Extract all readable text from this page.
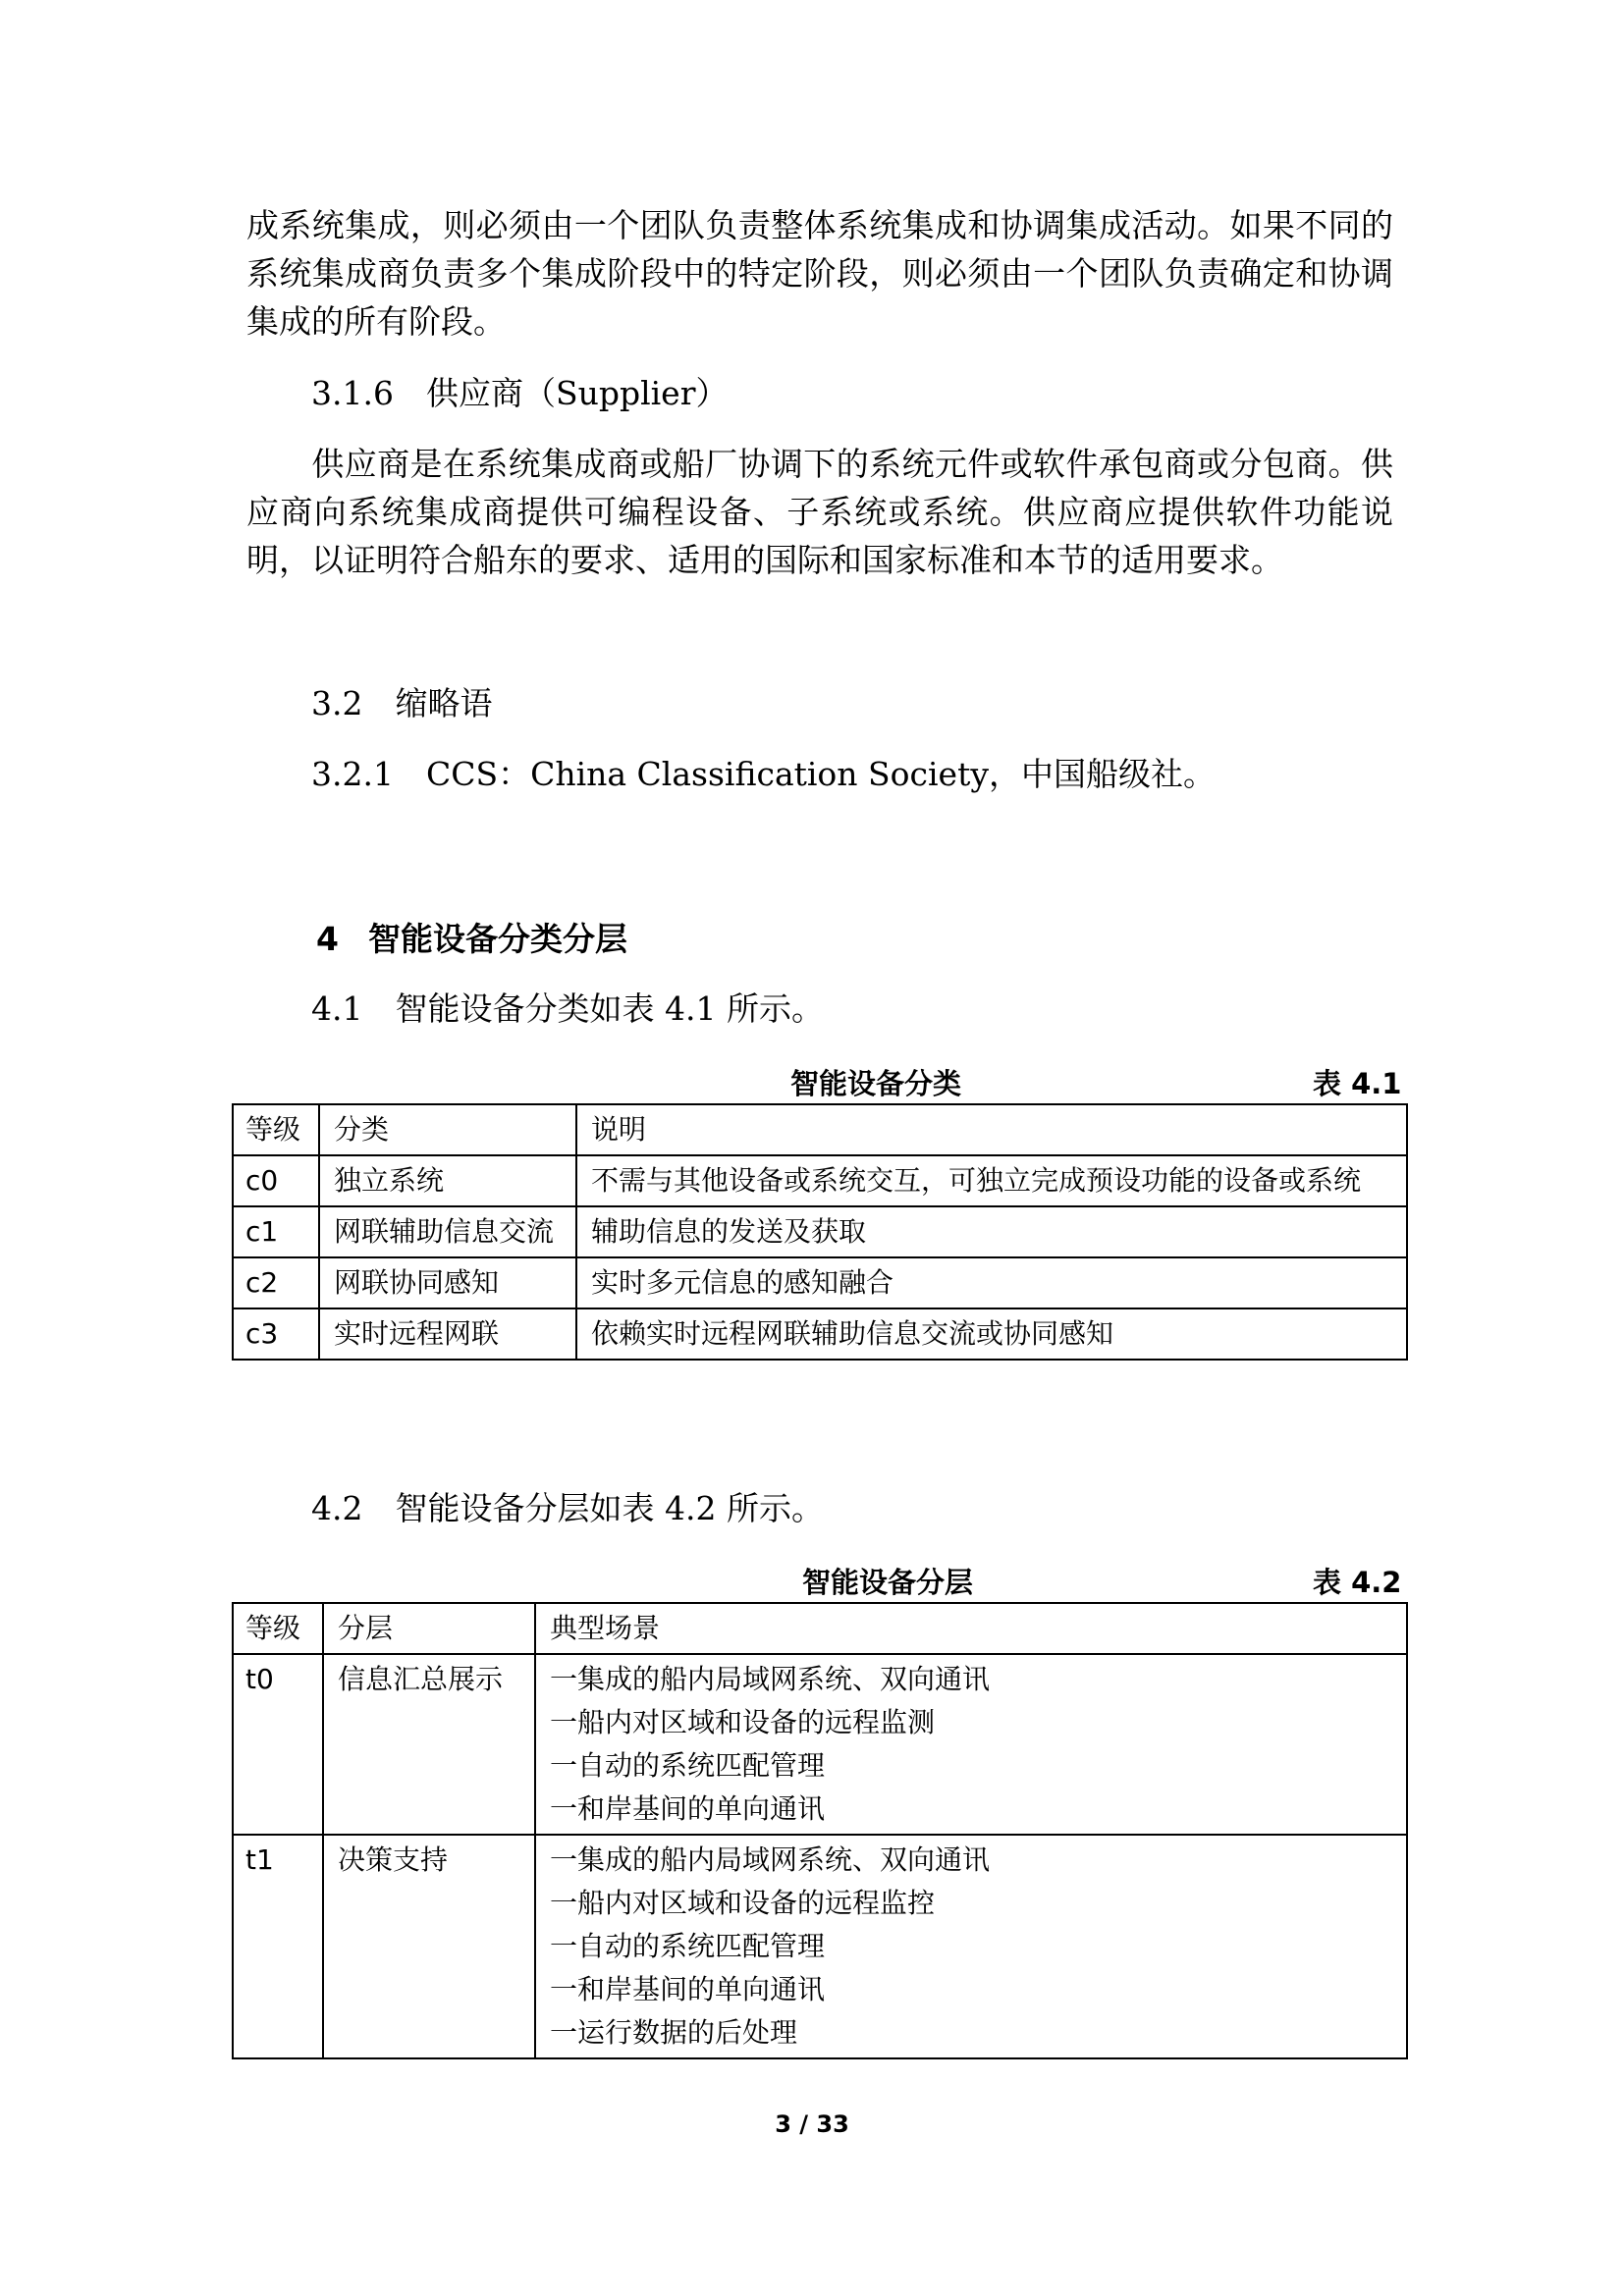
成系统集成，则必须由一个团队负责整体系统集成和协调集成活动。如果不同的系统集成商负责多个集成阶段中的特定阶段，则必须由一个团队负责确定和协调集成的所有阶段。

3.1.6　供应商（Supplier）

供应商是在系统集成商或船厂协调下的系统元件或软件承包商或分包商。供应商向系统集成商提供可编程设备、子系统或系统。供应商应提供软件功能说明，以证明符合船东的要求、适用的国际和国家标准和本节的适用要求。

3.2　缩略语
3.2.1　CCS：China Classification Society，中国船级社。
4 智能设备分类分层
4.1　智能设备分类如表 4.1 所示。
智能设备分类	表 4.1
等级	分类	说明
c0	独立系统	不需与其他设备或系统交互，可独立完成预设功能的设备或系统
c1	网联辅助信息交流	辅助信息的发送及获取
c2	网联协同感知	实时多元信息的感知融合
c3	实时远程网联	依赖实时远程网联辅助信息交流或协同感知
4.2　智能设备分层如表 4.2 所示。
智能设备分层	表 4.2
等级	分层	典型场景
t0	信息汇总展示	一集成的船内局域网系统、双向通讯
一船内对区域和设备的远程监测
一自动的系统匹配管理
一和岸基间的单向通讯

t1	决策支持	一集成的船内局域网系统、双向通讯
一船内对区域和设备的远程监控
一自动的系统匹配管理
一和岸基间的单向通讯
一运行数据的后处理
3 / 33
